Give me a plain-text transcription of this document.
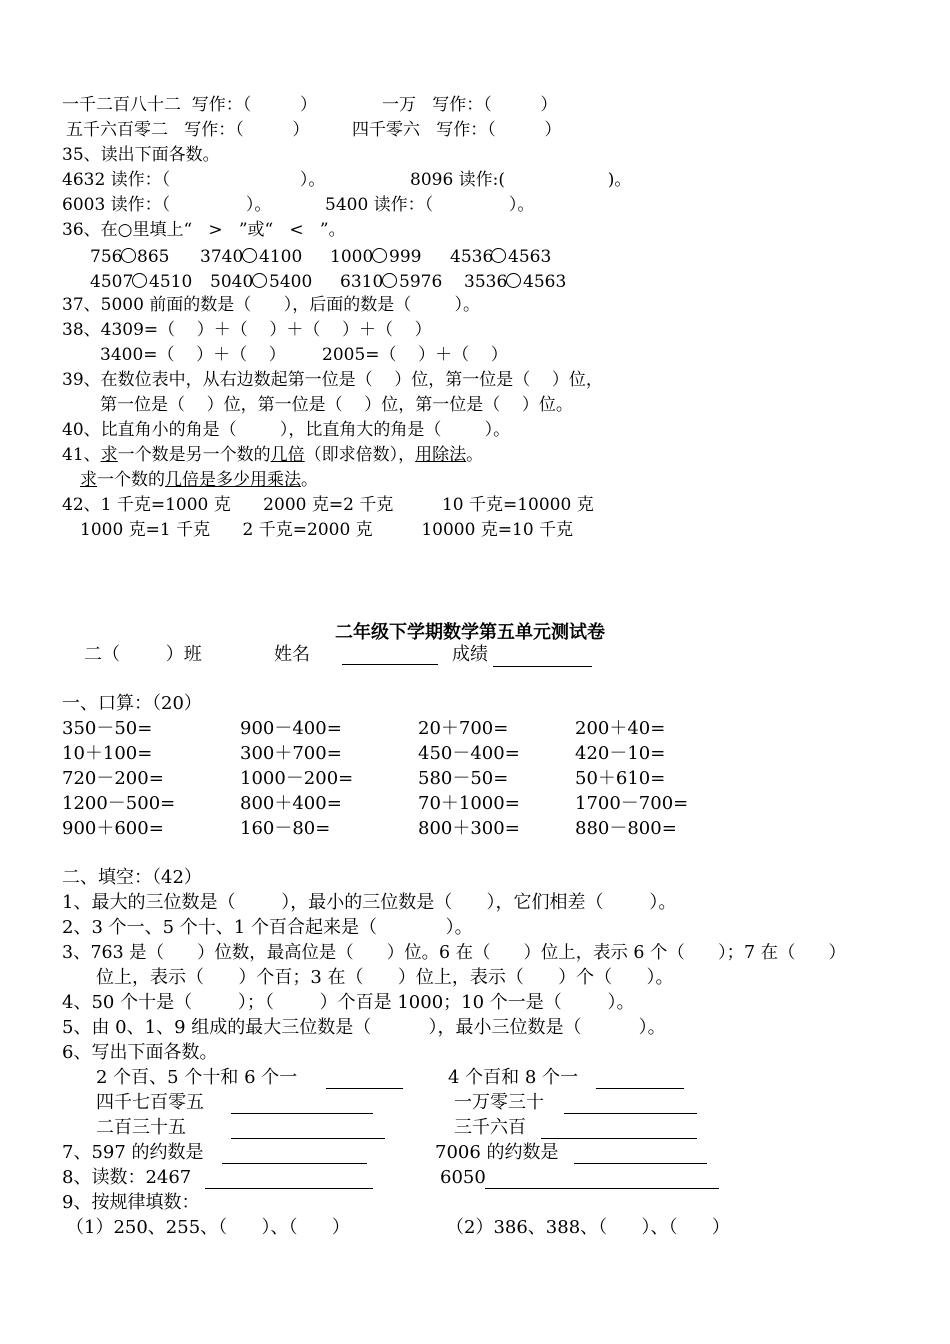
一千二百八十二  写作：（         ）	一万   写作：（         ）
五千六百零二   写作：（         ）	四千零六   写作：（         ）
35、读出下面各数。
4632 读作：（                        ）。	8096 读作:(                   )。
6003 读作：（              ）。	5400 读作：（              ）。
36、在○里填上“   >   ”或“   <   ”。
756 865 3740 4100 1000 999 4536 4563
4507 4510 5040 5400 6310 5976 3536 4563
37、5000 前面的数是（      ），后面的数是（        ）。
38、4309=（    ）＋（    ）＋（    ）＋（    ）
3400=（    ）＋（    ） 2005=（    ）＋（    ）
39、在数位表中，从右边数起第一位是（    ）位，第一位是（    ）位，
第一位是（    ）位，第一位是（    ）位，第一位是（    ）位。
40、比直角小的角是（        ），比直角大的角是（        ）。
41、求一个数是另一个数的几倍（即求倍数），用除法。
求一个数的几倍是多少用乘法。
42、1 千克=1000 克      2000 克=2 千克         10 千克=10000 克
1000 克=1 千克      2 千克=2000 克         10000 克=10 千克
二年级下学期数学第五单元测试卷
二（        ）班	姓名	成绩
一、口算：（20）
350－50=	900－400=	20＋700=	200＋40=
10＋100=	300＋700=	450－400=	420－10=
720－200=	1000－200=	580－50=	50＋610=
1200－500=	800＋400=	70＋1000=	1700－700=
900＋600=	160－80=	800＋300=	880－800=
二、填空：（42）
1、最大的三位数是（        ），最小的三位数是（      ），它们相差（        ）。
2、3 个一、5 个十、1 个百合起来是（            ）。
3、763 是（      ）位数，最高位是（      ）位。6 在（      ）位上，表示 6 个（      ）；7 在（      ）
位上，表示（      ）个百；3 在（      ）位上，表示（      ）个（      ）。
4、50 个十是（        ）；（        ）个百是 1000；10 个一是（        ）。
5、由 0、1、9 组成的最大三位数是（          ），最小三位数是（          ）。
6、写出下面各数。
2 个百、5 个十和 6 个一	4 个百和 8 个一
四千七百零五	一万零三十
二百三十五	三千六百
7、597 的约数是	7006 的约数是
8、读数：2467	6050
9、按规律填数：
（1）250、255、（      ）、（      ）	（2）386、388、（      ）、（      ）
